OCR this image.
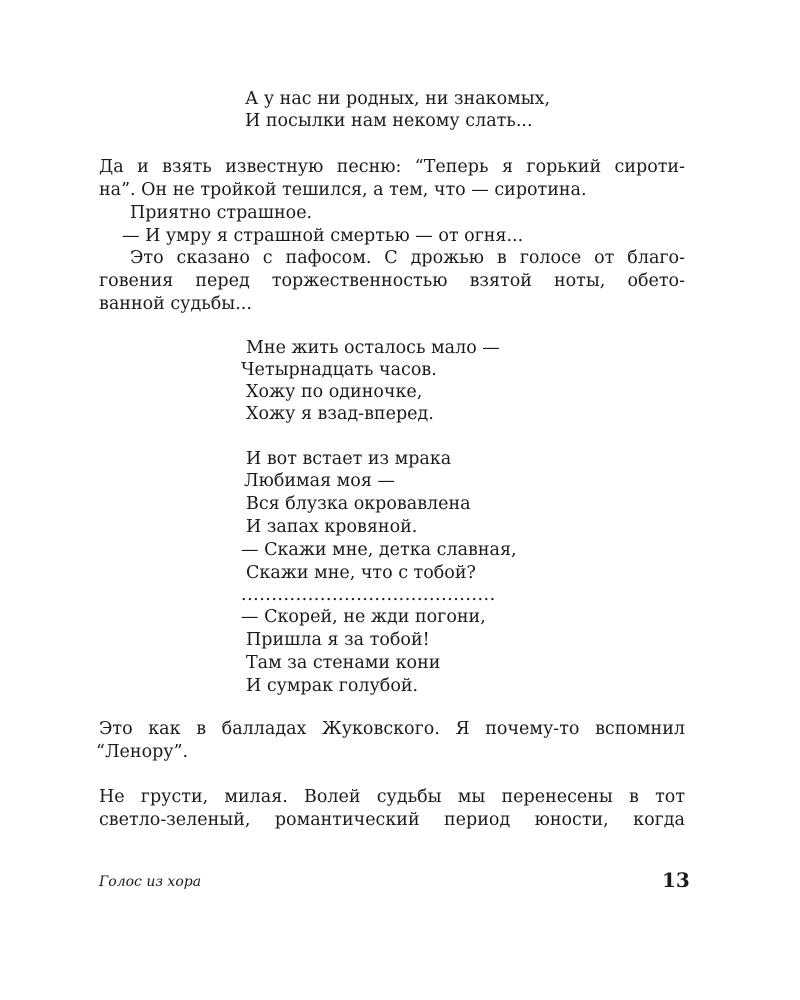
А у нас ни родных, ни знакомых,
И посылки нам некому слать...
Да и взять известную песню: “Теперь я горький сироти-
на”. Он не тройкой тешился, а тем, что — сиротина.
Приятно страшное.
— И умру я страшной смертью — от огня...
Это сказано с пафосом. С дрожью в голосе от благо-
говения перед торжественностью взятой ноты, обето-
ванной судьбы...
Мне жить осталось мало —
Четырнадцать часов.
Хожу по одиночке,
Хожу я взад-вперед.
И вот встает из мрака
Любимая моя —
Вся блузка окровавлена
И запах кровяной.
— Скажи мне, детка славная,
Скажи мне, что с тобой?
..........................................
— Скорей, не жди погони,
Пришла я за тобой!
Там за стенами кони
И сумрак голубой.
Это как в балладах Жуковского. Я почему-то вспомнил
“Ленору”.
Не грусти, милая. Волей судьбы мы перенесены в тот
светло-зеленый, романтический период юности, когда
Голос из хора	13
